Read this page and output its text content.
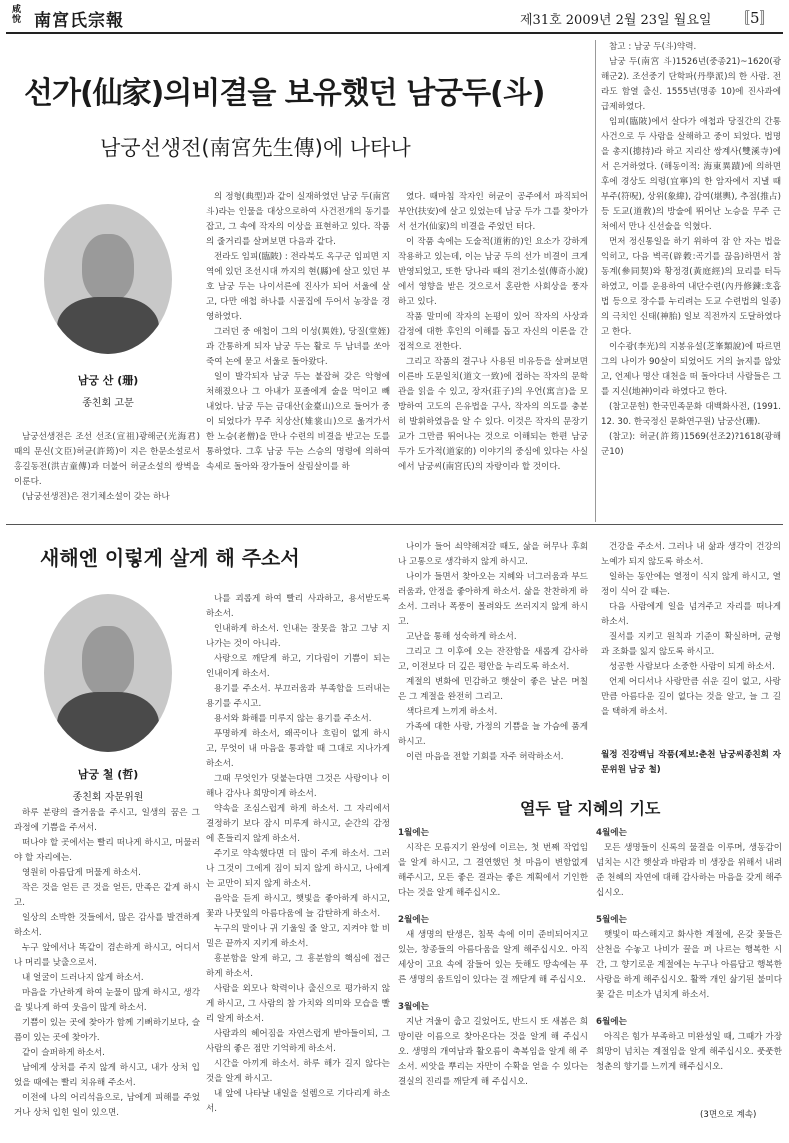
咸悅 南宮氏宗報	제31호 2009년 2월 23일 월요일 〚5〛
선가(仙家)의비결을 보유했던 남궁두(斗)
남궁선생전(南宮先生傳)에 나타나
남궁 산 (珊)
종친회 고문

남궁선생전은 조선 선조(宣祖)광해군(光海君)때의 문신(文臣)허균(許筠)이 지은 한문소설로서 홍길동전(洪吉童傳)과 더불어 허균소설의 쌍벽을 이룬다.

(남궁선생전)은 전기체소설이 갖는 하나

의 정형(典型)과 같이 실재하였던 남궁 두(南宮 斗)라는 인물을 대상으로하여 사건전개의 동기를 잡고, 그 속에 작자의 이상을 표현하고 있다. 작품의 줄거리를 살펴보면 다음과 같다.

전라도 임피(臨陂) : 전라북도 옥구군 임피면 지역에 있던 조선시대 까지의 현(縣)에 살고 있던 부호 남궁 두는 나이서른에 진사가 되어 서울에 살고, 다만 애첩 하나를 시골집에 두어서 농장을 경영하였다.

그러던 중 애첩이 그의 이성(異姓), 당질(堂姪)과 간통하게 되자 남궁 두는 활로 두 남녀를 쏘아죽여 논에 묻고 서울로 돌아왔다.

일이 발각되자 남궁 두는 붙잡혀 갖은 악형에 처해졌으나 그 아내가 포졸에게 술을 먹이고 빼 내었다. 남궁 두는 금대산(金臺山)으로 들어가 중이 되었다가 무주 치상산(雉裳山)으로 옮겨가서 한 노승(老僧)을 만나 수련의 비결을 받고는 도를 통하였다. 그후 남궁 두는 스승의 명령에 의하여 속세로 돌아와 장가들어 살림살이를 하

였다. 때마침 작자인 허균이 공주에서 파직되어 부안(扶安)에 살고 있었는데 남궁 두가 그를 찾아가서 선가(仙家)의 비결을 주었던 터다.

이 작품 속에는 도술적(道術的)인 요소가 강하게 작용하고 있는데, 이는 남궁 두의 선가 비결이 크게 반영되었고, 또한 당나라 때의 전기소설(傳奇小說)에서 영향을 받은 것으로서 혼란한 사회상을 풍자하고 있다.

작품 말미에 작자의 논평이 있어 작자의 사상과 감정에 대한 후인의 이해를 돕고 자신의 이론을 간접적으로 전한다.

그리고 작품의 결구나 사용된 비유등을 살펴보면 이른바 도문일치(道文一致)에 접하는 작자의 문학관을 읽을 수 있고, 장자(莊子)의 우언(寓言)을 모방하여 고도의 은유법을 구사, 작자의 의도를 충분히 발휘하였음을 알 수 있다. 이것은 작자의 문장기교가 그만큼 뛰어나는 것으로 이해되는 한편 남궁 두가 도가적(道家的) 이야기의 중심에 있다는 사실에서 남궁씨(南宮氏)의 자랑이라 할 것이다.

참고 : 남궁 두(斗)약력.

남궁 두(南宮 斗)1526년(중종21)~1620(광해군2). 조선중기 단학파(丹學派)의 한 사람. 전라도 함열 출신. 1555년(명종 10)에 진사과에 급제하였다.

임피(臨陂)에서 살다가 애첩과 당질간의 간통 사건으로 두 사람을 살해하고 중이 되었다. 법명을 총지(摠持)라 하고 지리산 쌍계사(雙溪寺)에서 은거하였다. (해동이적: 海東異蹟)에 의하면 후에 경상도 의령(宜寧)의 한 암자에서 지낼 때 부주(符呪), 상위(象緯), 감여(堪輿), 추점(推占)등 도교(道敎)의 방술에 뛰어난 노승을 무주 근처에서 만나 신선술을 익혔다.

먼저 정신통일을 하기 위하여 잠 안 자는 법을 익히고, 다음 벽곡(辟穀:곡기를 끊음)하면서 참동계(參同契)와 황정경(黃庭經)의 묘리를 터득하였고, 이를 운용하여 내단수련(內丹修鍊:호흡법 등으로 장수를 누리려는 도교 수련법의 일종)의 극치인 신태(神胎) 일보 직전까지 도달하였다고 한다.

이수광(李光)의 지봉유설(芝峯類說)에 따르면 그의 나이가 90살이 되었어도 거의 늙지를 않았고, 언제나 명산 대천을 떠 돌아다녀 사람들은 그를 지신(地神)이라 하였다고 한다.

(참고문헌) 한국민족문화 대백화사전, (1991. 12. 30. 한국정신 문화연구원) 남궁산(珊).

(참고): 허균(許筠)1569(선조2)?1618(광해군10)

새해엔 이렇게 살게 해 주소서
남궁 철 (哲)
종친회 자문위원

하루 분량의 즐거움을 주시고, 일생의 꿈은 그 과정에 기쁨을 주셔서.

떠나야 할 곳에서는 빨리 떠나게 하시고, 머물러야 할 자리에는.

영원히 아름답게 머물게 하소서.

작은 것을 얻든 큰 것을 얻든, 만족은 같게 하시고.

일상의 소박한 것들에서, 많은 감사를 발견하게 하소서.

누구 앞에서나 똑같이 겸손하게 하시고, 어디서나 머리를 낮출으로서.

내 얼굴이 드러나지 않게 하소서.

마음을 가난하게 하여 눈물이 많게 하시고, 생각을 빛나게 하여 웃음이 많게 하소서.

기쁨이 있는 곳에 찾아가 함께 기뻐하기보다, 슬픔이 있는 곳에 찾아가.

같이 슬퍼하게 하소서.

남에게 상처를 주지 않게 하시고, 내가 상처 입었을 때에는 빨리 치유해 주소서.

이전에 나의 어리석음으로, 남에게 피해를 주었거나 상처 입힌 일이 있으면.

나를 괴롭게 하여 빨리 사과하고, 용서받도록 하소서.

인내하게 하소서. 인내는 잘못을 참고 그냥 지나가는 것이 아니라.

사랑으로 깨닫게 하고, 기다림이 기쁨이 되는 인내이게 하소서.

용기를 주소서. 부끄러움과 부족함을 드러내는 용기를 주시고.

용서와 화해를 미루지 않는 용기를 주소서.

푸명하게 하소서, 왜곡이나 흐림이 없게 하시고, 무엇이 내 마음을 통과할 때 그대로 지나가게 하소서.

그때 무엇인가 덧붙는다면 그것은 사랑이나 이해나 감사나 희망이게 하소서.

약속을 조심스럽게 하게 하소서. 그 자리에서 결정하기 보다 잠시 미루게 하시고, 순간의 감정에 흔들리지 않게 하소서.

주기로 약속했다면 더 많이 주게 하소서. 그러나 그것이 그에게 짐이 되지 않게 하시고, 나에게는 교만이 되지 않게 하소서.

음악을 듣게 하시고, 햇빛을 좋아하게 하시고, 꽃과 나뭇잎의 아름다움에 늘 감탄하게 하소서.

누구의 말이나 귀 기울일 줄 알고, 지켜야 할 비밀은 끝까지 지키게 하소서.

흥분함을 알게 하고, 그 흥분함의 핵심에 접근하게 하소서.

사람을 외모나 학력이나 출신으로 평가하지 않게 하시고, 그 사람의 참 가치와 의미와 모습을 빨리 알게 하소서.

사람과의 헤어짐을 자연스럽게 받아들이되, 그 사람의 좋은 점만 기억하게 하소서.

시간을 아끼게 하소서. 하루 해가 길지 않다는 것을 알게 하시고.

내 앞에 나타날 내일을 설렘으로 기다리게 하소서.

나이가 들어 쇠약해져갈 때도, 삶을 허무나 후회나 고통으로 생각하지 않게 하시고.

나이가 들면서 찾아오는 지혜와 너그러움과 부드러움과, 안정을 좋아하게 하소서. 삶을 찬찬하게 하소서. 그러나 폭풍이 몰려와도 쓰러지지 않게 하시고.

고난을 통해 성숙하게 하소서.

그리고 그 이후에 오는 잔잔함을 새롭게 감사하고, 이전보다 더 깊은 평안을 누리도록 하소서.

계절의 변화에 민감하고 햇살이 좋은 날은 며칠은 그 계절을 완전히 그리고.

색다르게 느끼게 하소서.

가족에 대한 사랑, 가정의 기쁨을 늘 가슴에 품게 하시고.

이런 마음을 전할 기회를 자주 허락하소서.

건강을 주소서. 그러나 내 삶과 생각이 건강의 노예가 되지 않도록 하소서.

일하는 동안에는 열정이 식지 않게 하시고, 열정이 식어 갈 때는.

다음 사람에게 일을 넘겨주고 자리를 떠나게 하소서.

질서를 지키고 원칙과 기준이 확실하며, 균형과 조화를 잃지 않도록 하시고.

성공한 사람보다 소중한 사람이 되게 하소서.

언제 어디서나 사랑만큼 쉬운 길이 없고, 사랑만큼 아름다운 길이 없다는 것을 알고, 늘 그 길을 택하게 하소서.

월정 진강백님 작품(제보:춘천 남궁씨종친회 자문위원 남궁 철)
열두 달 지혜의 기도
1월에는

시작은 모름지기 완성에 이르는, 첫 번째 작업임을 알게 하시고, 그 결연했던 첫 마음이 변함없게 해주시고, 모든 좋은 결과는 좋은 계획에서 기인한다는 것을 알게 해주십시오.

2월에는

새 생명의 탄생은, 침묵 속에 이미 준비되어지고 있는, 창종들의 아름다움을 알게 해주십시오. 아직 세상이 고요 속에 잠들어 있는 듯해도 땅속에는 푸른 생명의 움트임이 있다는 걸 깨닫게 해 주십시오.

3월에는

지난 겨울이 춥고 길었어도, 반드시 또 새봄은 희망이란 이름으로 찾아온다는 것을 알게 해 주십시오. 생명의 개여남과 활오름이 축복임을 알게 해 주소서. 씨앗을 뿌리는 자만이 수확을 얻을 수 있다는 결실의 진리를 깨닫게 해 주십시오.

4월에는

모든 생명들이 신록의 물결을 이루며, 생동감이 넘치는 시간 햇살과 바람과 비 생장을 위해서 내려준 천혜의 자연에 대해 감사하는 마음을 갖게 해주십시오.

5월에는

햇빛이 따스해지고 화사한 계절에, 온갖 꽃들은 산천을 수놓고 나비가 꿀을 펴 나르는 행복한 시간, 그 향기로운 계절에는 누구나 아름답고 행복한 사랑을 하게 해주십시오. 활짝 개인 삶기된 불미다 꽃 같은 미소가 넘치게 하소서.

6월에는

아직은 힘가 부족하고 미완성일 때, 그때가 가장 희망이 넘치는 계절임을 알게 해주십시오. 풋풋한 청춘의 향기를 느끼게 해주십시오.

(3면으로 계속)
